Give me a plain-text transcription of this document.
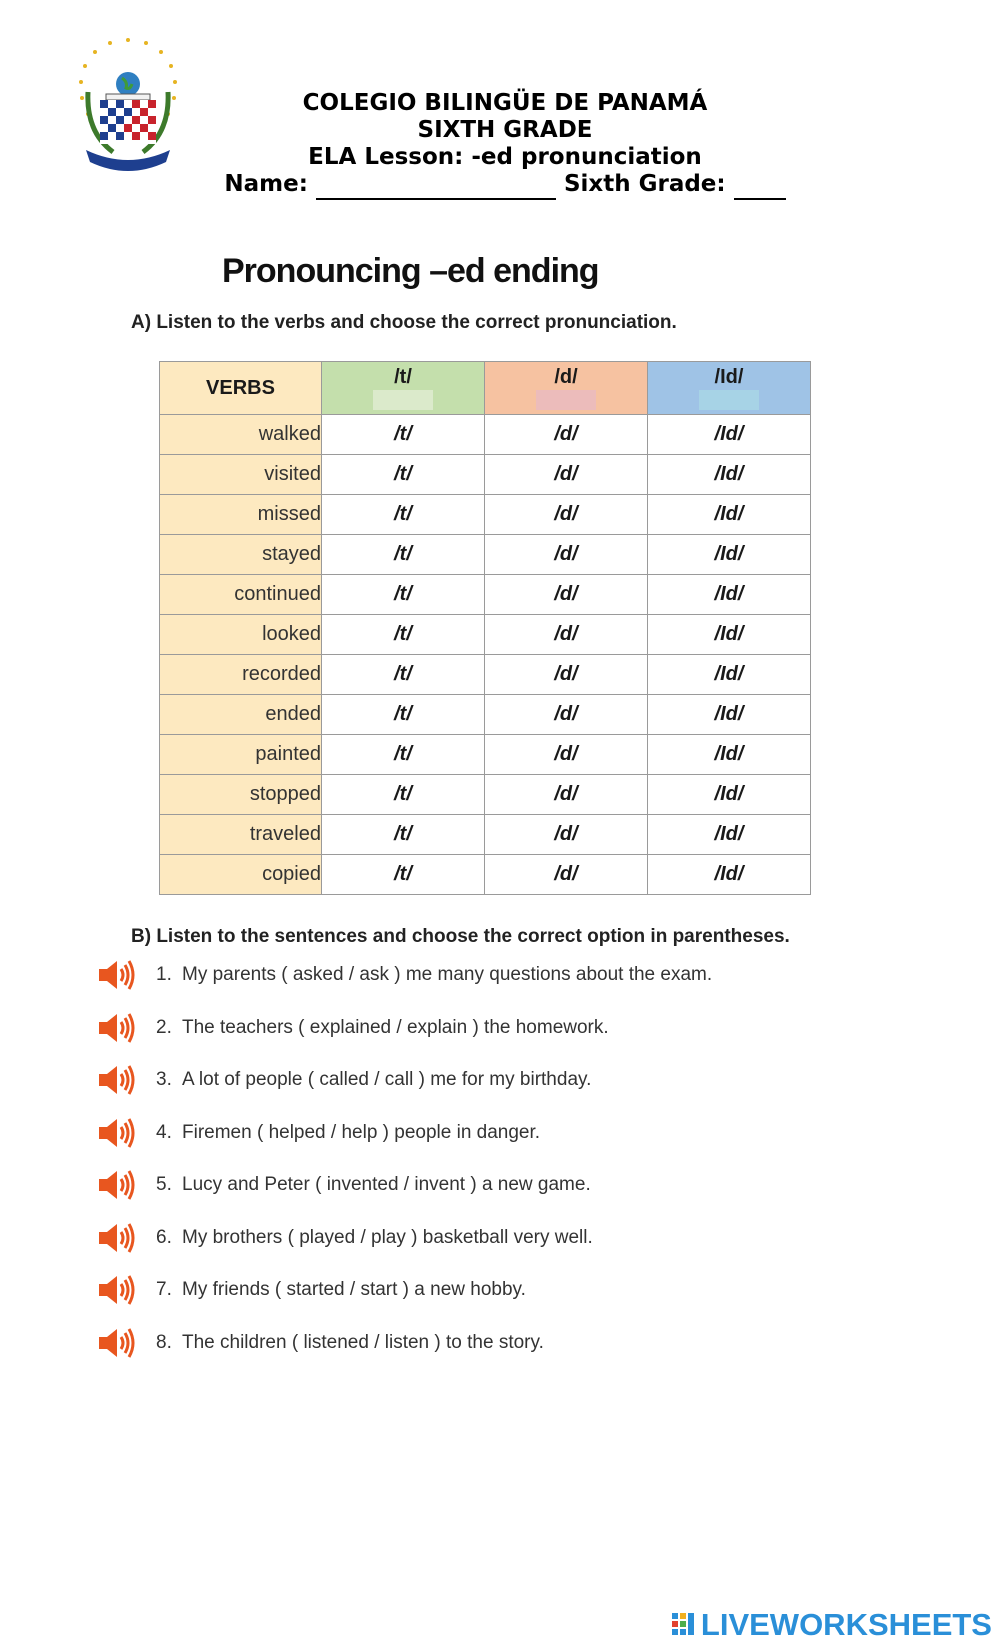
COLEGIO BILINGÜE DE PANAMÁ
SIXTH GRADE
ELA Lesson: -ed pronunciation
Name:	Sixth Grade:
Pronouncing –ed ending
A) Listen to the verbs and choose the correct pronunciation.
VERBS	/t/	/d/	/Id/

walked	/t/	/d/	/Id/
visited	/t/	/d/	/Id/
missed	/t/	/d/	/Id/
stayed	/t/	/d/	/Id/
continued	/t/	/d/	/Id/
looked	/t/	/d/	/Id/
recorded	/t/	/d/	/Id/
ended	/t/	/d/	/Id/
painted	/t/	/d/	/Id/
stopped	/t/	/d/	/Id/
traveled	/t/	/d/	/Id/
copied	/t/	/d/	/Id/
B) Listen to the sentences and choose the correct option in parentheses.
1. My parents ( asked / ask ) me many questions about the exam.
2. The teachers ( explained / explain ) the homework.
3. A lot of people ( called / call ) me for my birthday.
4. Firemen ( helped / help ) people in danger.
5. Lucy and Peter ( invented / invent ) a new game.
6. My brothers ( played / play ) basketball very well.
7. My friends ( started / start ) a new hobby.
8. The children ( listened / listen ) to the story.
LIVEWORKSHEETS
